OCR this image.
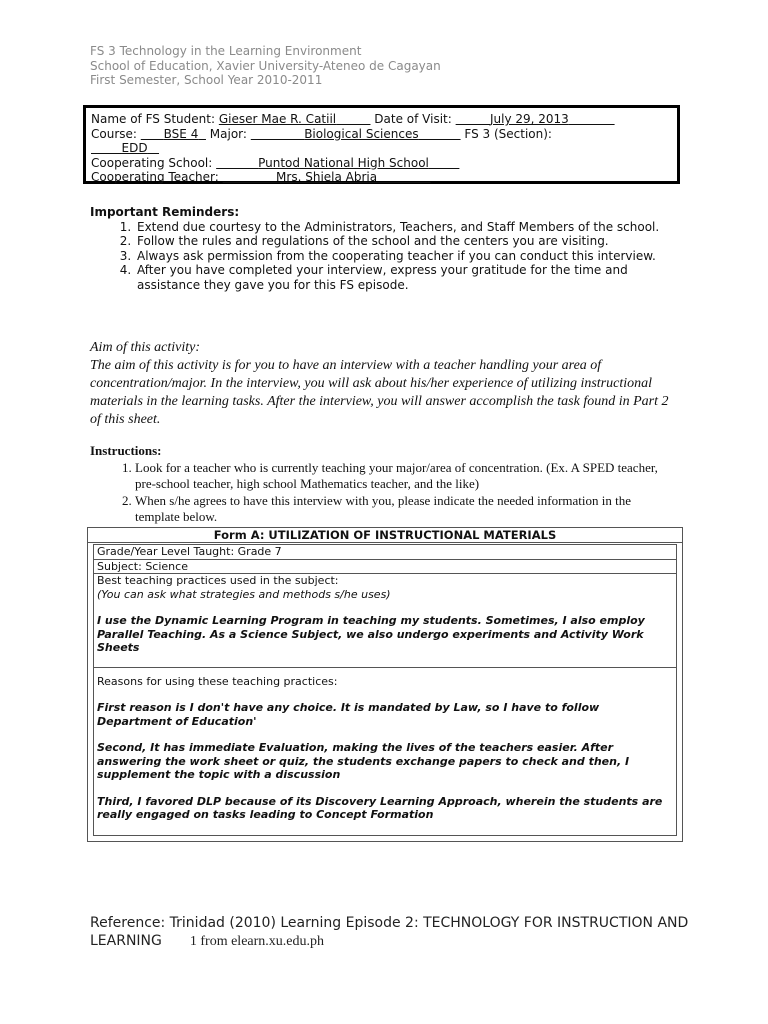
FS 3 Technology in the Learning Environment
School of Education, Xavier University-Ateneo de Cagayan
First Semester, School Year 2010-2011
Name of FS Student: Gieser Mae R. Catiil	Date of Visit:	July 29, 2013
Course: BSE 4 Major:	Biological Sciences	FS 3 (Section):
EDD
Cooperating School:	Puntod National High School
Cooperating Teacher:	Mrs. Shiela Abria
Important Reminders:
1. Extend due courtesy to the Administrators, Teachers, and Staff Members of the school.
2. Follow the rules and regulations of the school and the centers you are visiting.
3. Always ask permission from the cooperating teacher if you can conduct this interview.
4. After you have completed your interview, express your gratitude for the time and assistance they gave you for this FS episode.
Aim of this activity:
The aim of this activity is for you to have an interview with a teacher handling your area of concentration/major. In the interview, you will ask about his/her experience of utilizing instructional materials in the learning tasks. After the interview, you will answer accomplish the task found in Part 2 of this sheet.
Instructions:
1. Look for a teacher who is currently teaching your major/area of concentration. (Ex. A SPED teacher, pre-school teacher, high school Mathematics teacher, and the like)
2. When s/he agrees to have this interview with you, please indicate the needed information in the template below.
Form A: UTILIZATION OF INSTRUCTIONAL MATERIALS
Grade/Year Level Taught: Grade 7
Subject: Science
Best teaching practices used in the subject:
(You can ask what strategies and methods s/he uses)
I use the Dynamic Learning Program in teaching my students. Sometimes, I also employ Parallel Teaching. As a Science Subject, we also undergo experiments and Activity Work Sheets
Reasons for using these teaching practices:
First reason is I don't have any choice. It is mandated by Law, so I have to follow Department of Education'
Second, It has immediate Evaluation, making the lives of the teachers easier. After answering the work sheet or quiz, the students exchange papers to check and then, I supplement the topic with a discussion
Third, I favored DLP because of its Discovery Learning Approach, wherein the students are really engaged on tasks leading to Concept Formation
Reference: Trinidad (2010) Learning Episode 2: TECHNOLOGY FOR INSTRUCTION AND LEARNING 1 from elearn.xu.edu.ph
